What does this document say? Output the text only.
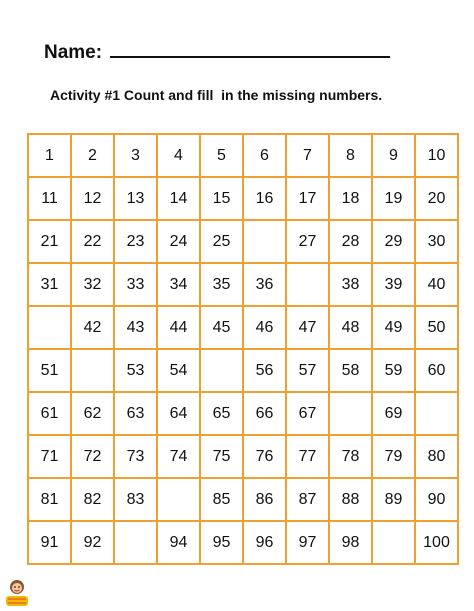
Name:
Activity #1 Count and fill  in the missing numbers.
1	2	3	4	5	6	7	8	9	10
11	12	13	14	15	16	17	18	19	20
21	22	23	24	25		27	28	29	30
31	32	33	34	35	36		38	39	40
	42	43	44	45	46	47	48	49	50
51		53	54		56	57	58	59	60
61	62	63	64	65	66	67		69	
71	72	73	74	75	76	77	78	79	80
81	82	83		85	86	87	88	89	90
91	92		94	95	96	97	98		100
